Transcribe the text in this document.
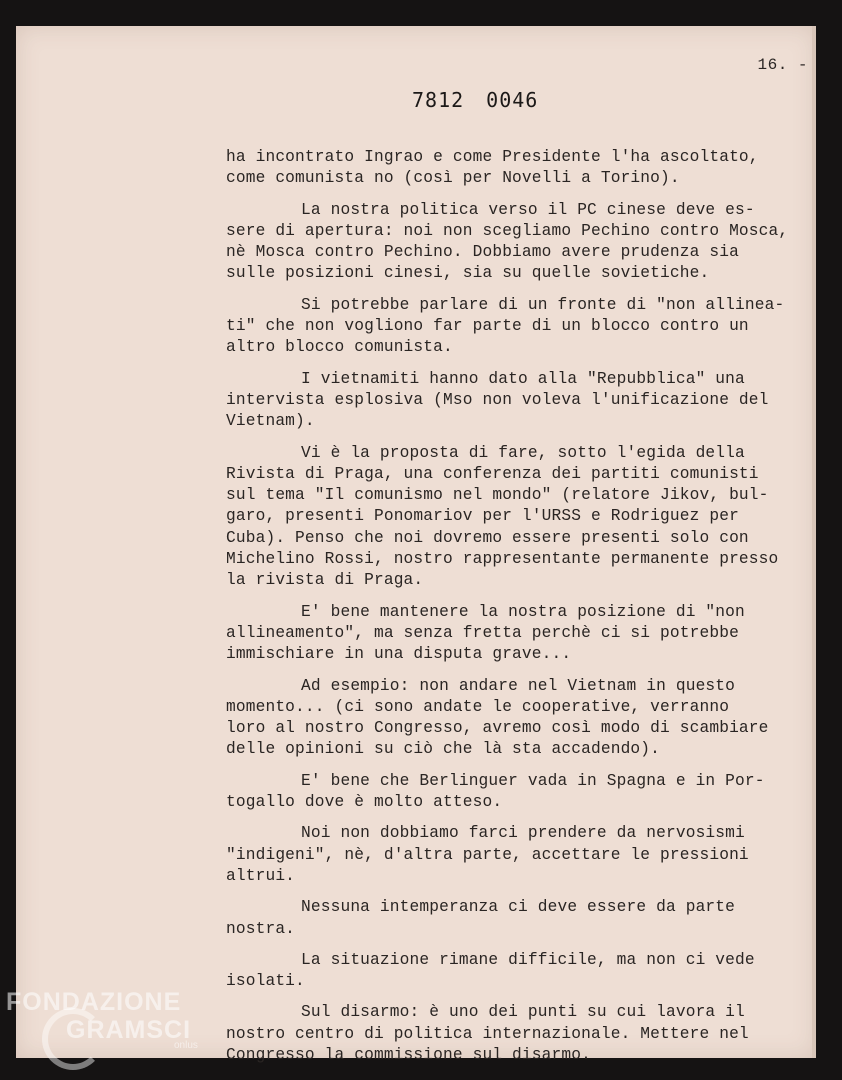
16. -
7812 0046

ha incontrato Ingrao e come Presidente l'ha ascoltato,
come comunista no (così per Novelli a Torino).

La nostra politica verso il PC cinese deve es-
sere di apertura: noi non scegliamo Pechino contro Mosca,
nè Mosca contro Pechino. Dobbiamo avere prudenza sia
sulle posizioni cinesi, sia su quelle sovietiche.

Si potrebbe parlare di un fronte di "non allinea-
ti" che non vogliono far parte di un blocco contro un
altro blocco comunista.

I vietnamiti hanno dato alla "Repubblica" una
intervista esplosiva (Mso non voleva l'unificazione del
Vietnam).

Vi è la proposta di fare, sotto l'egida della
Rivista di Praga, una conferenza dei partiti comunisti
sul tema "Il comunismo nel mondo" (relatore Jikov, bul-
garo, presenti Ponomariov per l'URSS e Rodriguez per
Cuba). Penso che noi dovremo essere presenti solo con
Michelino Rossi, nostro rappresentante permanente presso
la rivista di Praga.

E' bene mantenere la nostra posizione di "non
allineamento", ma senza fretta perchè ci si potrebbe
immischiare in una disputa grave...

Ad esempio: non andare nel Vietnam in questo
momento... (ci sono andate le cooperative, verranno
loro al nostro Congresso, avremo così modo di scambiare
delle opinioni su ciò che là sta accadendo).

E' bene che Berlinguer vada in Spagna e in Por-
togallo dove è molto atteso.

Noi non dobbiamo farci prendere da nervosismi
"indigeni", nè, d'altra parte, accettare le pressioni
altrui.

Nessuna intemperanza ci deve essere da parte
nostra.

La situazione rimane difficile, ma non ci vede
isolati.

Sul disarmo: è uno dei punti su cui lavora il
nostro centro di politica internazionale. Mettere nel
Congresso la commissione sul disarmo.

FONDAZIONE
GRAMSCI
onlus
